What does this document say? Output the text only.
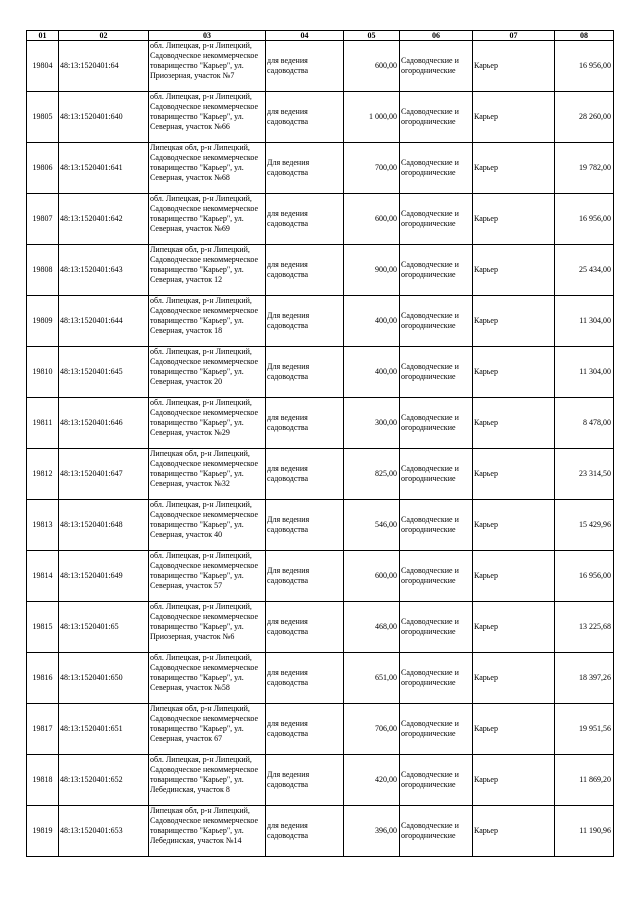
01	02	03	04	05	06	07	08
19804	48:13:1520401:64	обл. Липецкая, р-н Липецкий, Садоводческое некоммерческое товарищество "Карьер", ул. Приозерная, участок №7	для ведения садоводства	600,00	Садоводческие и огороднические	Карьер	16 956,00
19805	48:13:1520401:640	обл. Липецкая, р-н Липецкий, Садоводческое некоммерческое товарищество "Карьер", ул. Северная, участок №66	для ведения садоводства	1 000,00	Садоводческие и огороднические	Карьер	28 260,00
19806	48:13:1520401:641	Липецкая обл, р-н Липецкий, Садоводческое некоммерческое товарищество "Карьер", ул. Северная, участок №68	Для ведения садоводства	700,00	Садоводческие и огороднические	Карьер	19 782,00
19807	48:13:1520401:642	обл. Липецкая, р-н Липецкий, Садоводческое некоммерческое товарищество "Карьер", ул. Северная, участок №69	для ведения садоводства	600,00	Садоводческие и огороднические	Карьер	16 956,00
19808	48:13:1520401:643	Липецкая обл, р-н Липецкий, Садоводческое некоммерческое товарищество "Карьер", ул. Северная, участок 12	для ведения садоводства	900,00	Садоводческие и огороднические	Карьер	25 434,00
19809	48:13:1520401:644	обл. Липецкая, р-н Липецкий, Садоводческое некоммерческое товарищество "Карьер", ул. Северная, участок 18	Для ведения садоводства	400,00	Садоводческие и огороднические	Карьер	11 304,00
19810	48:13:1520401:645	обл. Липецкая, р-н Липецкий, Садоводческое некоммерческое товарищество "Карьер", ул. Северная, участок 20	Для ведения садоводства	400,00	Садоводческие и огороднические	Карьер	11 304,00
19811	48:13:1520401:646	обл. Липецкая, р-н Липецкий, Садоводческое некоммерческое товарищество "Карьер", ул. Северная, участок №29	для ведения садоводства	300,00	Садоводческие и огороднические	Карьер	8 478,00
19812	48:13:1520401:647	Липецкая обл, р-н Липецкий, Садоводческое некоммерческое товарищество "Карьер", ул. Северная, участок №32	для ведения садоводства	825,00	Садоводческие и огороднические	Карьер	23 314,50
19813	48:13:1520401:648	обл. Липецкая, р-н Липецкий, Садоводческое некоммерческое товарищество "Карьер", ул. Северная, участок 40	Для ведения садоводства	546,00	Садоводческие и огороднические	Карьер	15 429,96
19814	48:13:1520401:649	обл. Липецкая, р-н Липецкий, Садоводческое некоммерческое товарищество "Карьер", ул. Северная, участок 57	Для ведения садоводства	600,00	Садоводческие и огороднические	Карьер	16 956,00
19815	48:13:1520401:65	обл. Липецкая, р-н Липецкий, Садоводческое некоммерческое товарищество "Карьер", ул. Приозерная, участок №6	для ведения садоводства	468,00	Садоводческие и огороднические	Карьер	13 225,68
19816	48:13:1520401:650	обл. Липецкая, р-н Липецкий, Садоводческое некоммерческое товарищество "Карьер", ул. Северная, участок №58	для ведения садоводства	651,00	Садоводческие и огороднические	Карьер	18 397,26
19817	48:13:1520401:651	Липецкая обл, р-н Липецкий, Садоводческое некоммерческое товарищество "Карьер", ул. Северная, участок 67	для ведения садоводства	706,00	Садоводческие и огороднические	Карьер	19 951,56
19818	48:13:1520401:652	обл. Липецкая, р-н Липецкий, Садоводческое некоммерческое товарищество "Карьер", ул. Лебединская, участок 8	Для ведения садоводства	420,00	Садоводческие и огороднические	Карьер	11 869,20
19819	48:13:1520401:653	Липецкая обл, р-н Липецкий, Садоводческое некоммерческое товарищество "Карьер", ул. Лебединская, участок №14	для ведения садоводства	396,00	Садоводческие и огороднические	Карьер	11 190,96
